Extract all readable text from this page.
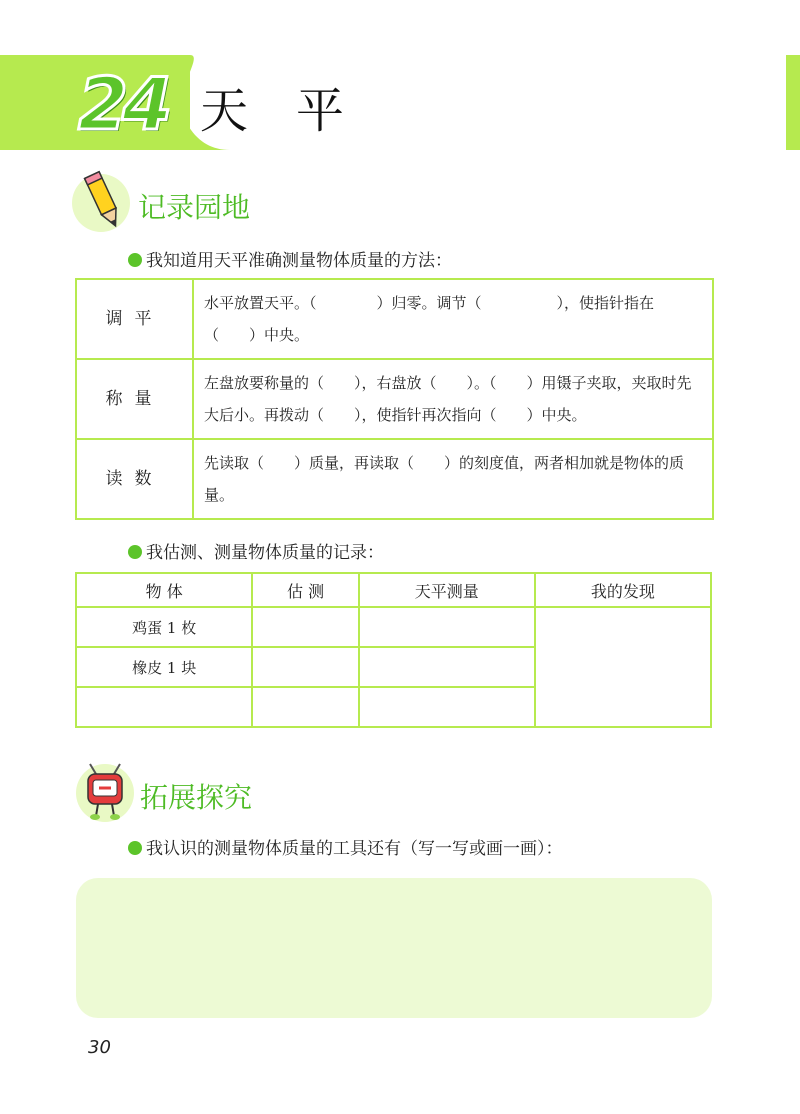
24 天平
记录园地
我知道用天平准确测量物体质量的方法：
调平	水平放置天平。（　　　　）归零。调节（　　　　　），使指针指在（　　）中央。
称量	左盘放要称量的（　　），右盘放（　　）。（　　）用镊子夹取，夹取时先大后小。再拨动（　　），使指针再次指向（　　）中央。
读数	先读取（　　）质量，再读取（　　）的刻度值，两者相加就是物体的质量。
我估测、测量物体质量的记录：
物 体	估 测	天平测量	我的发现
鸡蛋 1 枚			
橡皮 1 块			

拓展探究
我认识的测量物体质量的工具还有（写一写或画一画）：
30
